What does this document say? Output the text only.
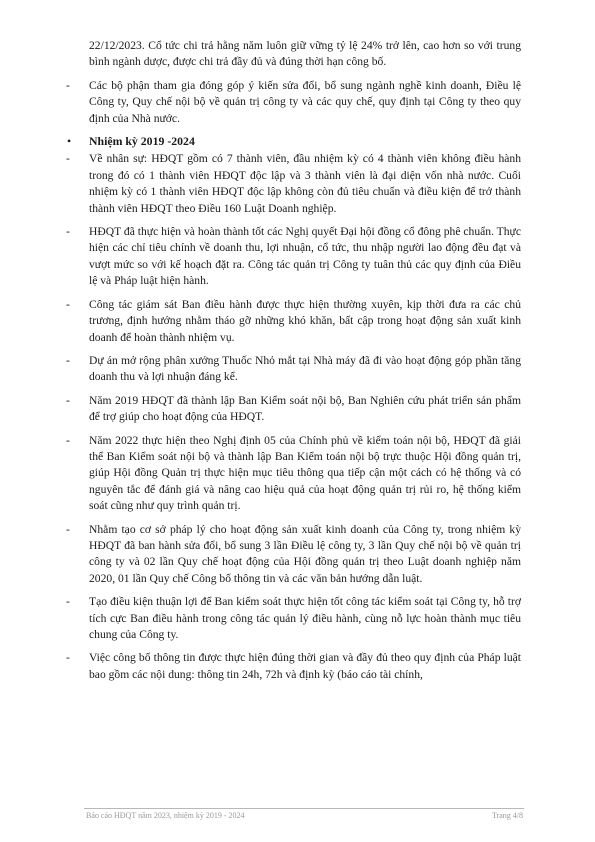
22/12/2023. Cổ tức chi trả hằng năm luôn giữ vững tỷ lệ 24% trở lên, cao hơn so với trung bình ngành dược, được chi trả đầy đủ và đúng thời hạn công bố.

- Các bộ phận tham gia đóng góp ý kiến sửa đổi, bổ sung ngành nghề kinh doanh, Điều lệ Công ty, Quy chế nội bộ về quản trị công ty và các quy chế, quy định tại Công ty theo quy định của Nhà nước.

• Nhiệm kỳ 2019 -2024
- Về nhân sự: HĐQT gồm có 7 thành viên, đầu nhiệm kỳ có 4 thành viên không điều hành trong đó có 1 thành viên HĐQT độc lập và 3 thành viên là đại diện vốn nhà nước. Cuối nhiệm kỳ có 1 thành viên HĐQT độc lập không còn đủ tiêu chuẩn và điều kiện để trở thành thành viên HĐQT theo Điều 160 Luật Doanh nghiệp.

- HĐQT đã thực hiện và hoàn thành tốt các Nghị quyết Đại hội đồng cổ đông phê chuẩn. Thực hiện các chỉ tiêu chính về doanh thu, lợi nhuận, cổ tức, thu nhập người lao động đều đạt và vượt mức so với kế hoạch đặt ra. Công tác quản trị Công ty tuân thủ các quy định của Điều lệ và Pháp luật hiện hành.

- Công tác giám sát Ban điều hành được thực hiện thường xuyên, kịp thời đưa ra các chủ trương, định hướng nhằm tháo gỡ những khó khăn, bất cập trong hoạt động sản xuất kinh doanh để hoàn thành nhiệm vụ.

- Dự án mở rộng phân xưởng Thuốc Nhỏ mắt tại Nhà máy đã đi vào hoạt động góp phần tăng doanh thu và lợi nhuận đáng kể.

- Năm 2019 HĐQT đã thành lập Ban Kiểm soát nội bộ, Ban Nghiên cứu phát triển sản phẩm để trợ giúp cho hoạt động của HĐQT.

- Năm 2022 thực hiện theo Nghị định 05 của Chính phủ về kiểm toán nội bộ, HĐQT đã giải thể Ban Kiểm soát nội bộ và thành lập Ban Kiểm toán nội bộ trực thuộc Hội đồng quản trị, giúp Hội đồng Quản trị thực hiện mục tiêu thông qua tiếp cận một cách có hệ thống và có nguyên tắc để đánh giá và nâng cao hiệu quả của hoạt động quản trị rủi ro, hệ thống kiểm soát cũng như quy trình quản trị.

- Nhằm tạo cơ sở pháp lý cho hoạt động sản xuất kinh doanh của Công ty, trong nhiệm kỳ HĐQT đã ban hành sửa đổi, bổ sung 3 lần Điều lệ công ty, 3 lần Quy chế nội bộ về quản trị công ty và 02 lần Quy chế hoạt động của Hội đồng quản trị theo Luật doanh nghiệp năm 2020, 01 lần Quy chế Công bố thông tin và các văn bản hướng dẫn luật.

- Tạo điều kiện thuận lợi để Ban kiểm soát thực hiện tốt công tác kiểm soát tại Công ty, hỗ trợ tích cực Ban điều hành trong công tác quản lý điều hành, cùng nỗ lực hoàn thành mục tiêu chung của Công ty.

- Việc công bố thông tin được thực hiện đúng thời gian và đầy đủ theo quy định của Pháp luật bao gồm các nội dung: thông tin 24h, 72h và định kỳ (báo cáo tài chính,

Báo cáo HĐQT năm 2023, nhiệm kỳ 2019 - 2024	Trang 4/8
